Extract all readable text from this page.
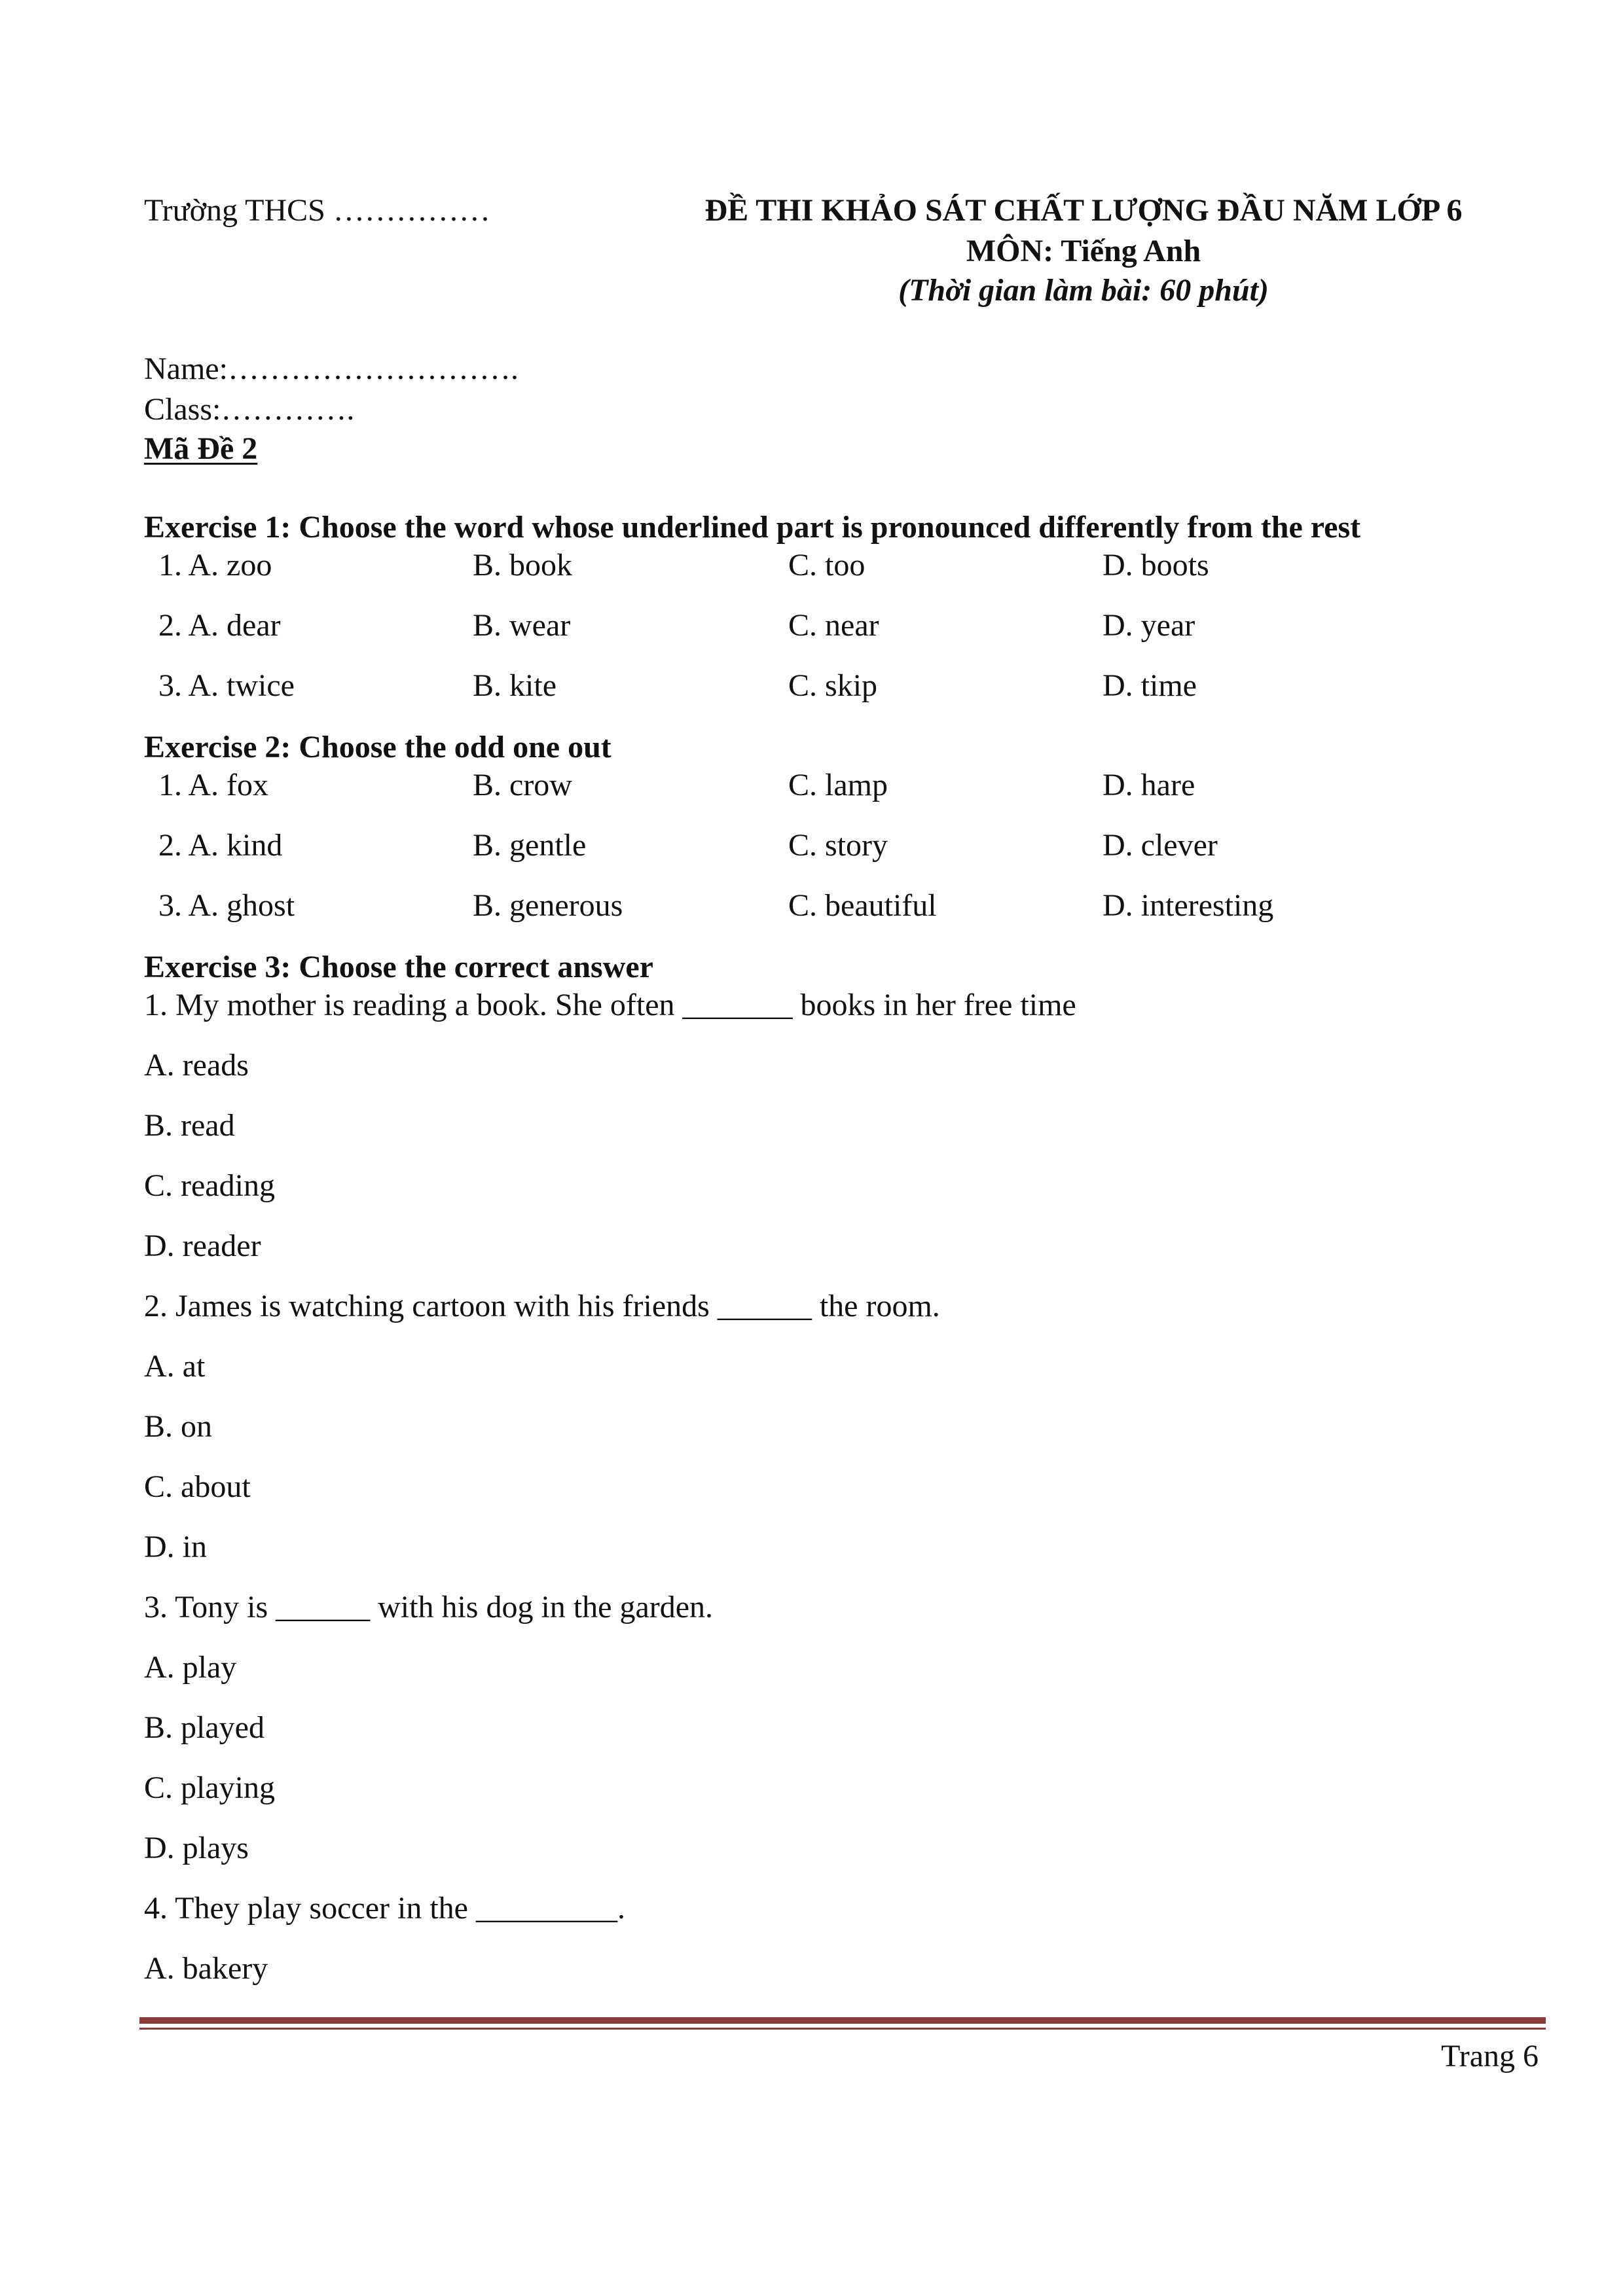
Trường THCS ……………	ĐỀ THI KHẢO SÁT CHẤT LƯỢNG ĐẦU NĂM LỚP 6
MÔN: Tiếng Anh
(Thời gian làm bài: 60 phút)
Name:……………………….
Class:………….
Mã Đề 2
Exercise 1: Choose the word whose underlined part is pronounced differently from the rest
1. A. zoo	B. book	C. too	D. boots
2. A. dear	B. wear	C. near	D. year
3. A. twice	B. kite	C. skip	D. time
Exercise 2: Choose the odd one out
1. A. fox	B. crow	C. lamp	D. hare
2. A. kind	B. gentle	C. story	D. clever
3. A. ghost	B. generous	C. beautiful	D. interesting
Exercise 3: Choose the correct answer
1. My mother is reading a book. She often _______ books in her free time
A. reads
B. read
C. reading
D. reader
2. James is watching cartoon with his friends ______ the room.
A. at
B. on
C. about
D. in
3. Tony is ______ with his dog in the garden.
A. play
B. played
C. playing
D. plays
4. They play soccer in the _________.
A. bakery
Trang 6
